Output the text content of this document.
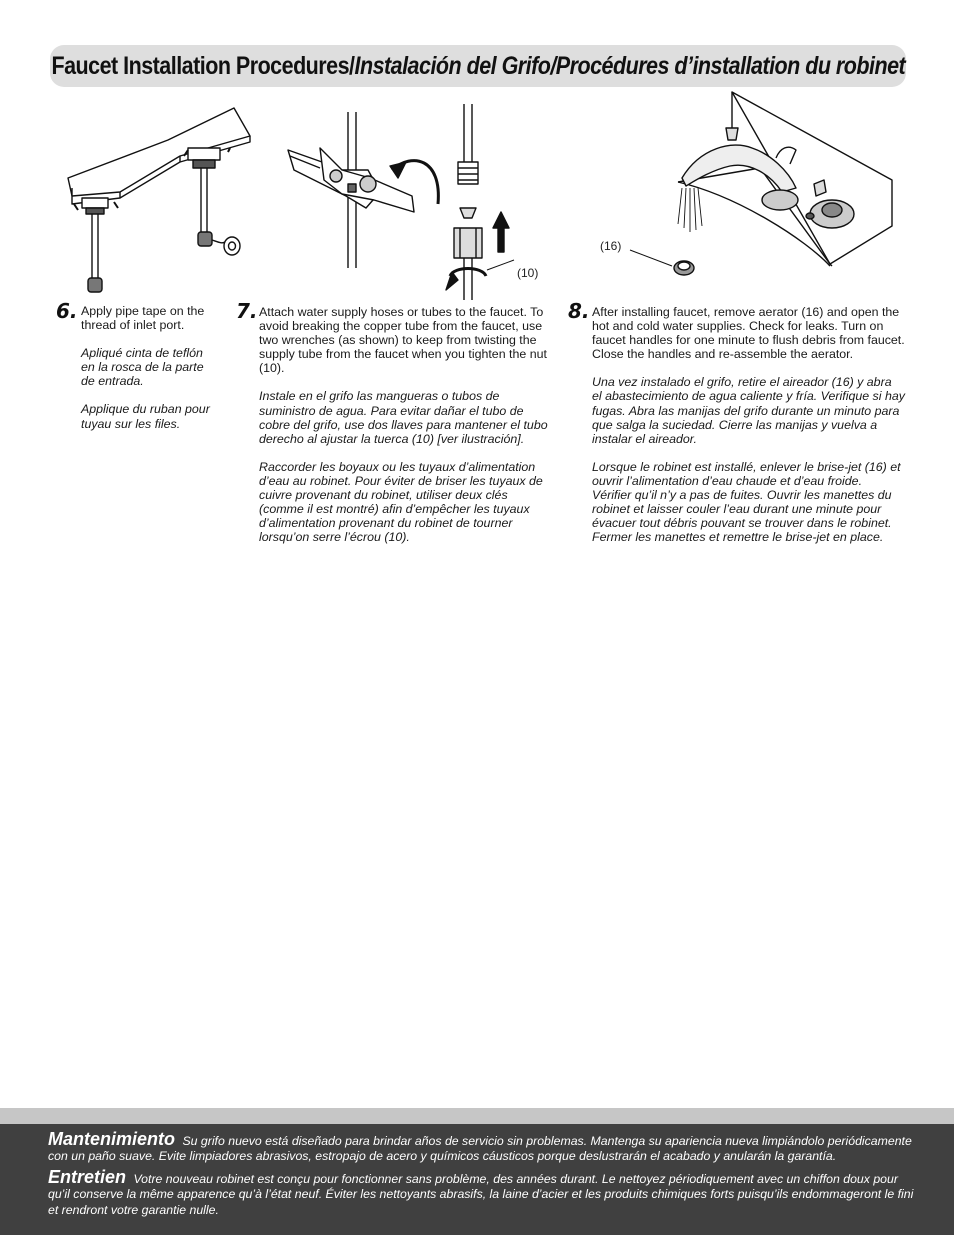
Faucet Installation Procedures/Instalación del Grifo/Procédures d’installation du robinet
(10)
(16)
6. Apply pipe tape on the
thread of inlet port.

Apliqué cinta de teflón
en la rosca de la parte
de entrada.

Applique du ruban pour
tuyau sur les files.

7. Attach water supply hoses or tubes to the faucet. To
avoid breaking the copper tube from the faucet, use
two wrenches (as shown) to keep from twisting the
supply tube from the faucet when you tighten the nut
(10).

Instale en el grifo las mangueras o tubos de
suministro de agua. Para evitar dañar el tubo de
cobre del grifo, use dos llaves para mantener el tubo
derecho al ajustar la tuerca (10) [ver ilustración].

Raccorder les boyaux ou les tuyaux d’alimentation
d’eau au robinet. Pour éviter de briser les tuyaux de
cuivre provenant du robinet, utiliser deux clés
(comme il est montré) afin d’empêcher les tuyaux
d’alimentation provenant du robinet de tourner
lorsqu’on serre l’écrou (10).

8. After installing faucet, remove aerator (16) and open the
hot and cold water supplies. Check for leaks. Turn on
faucet handles for one minute to flush debris from faucet.
Close the handles and re-assemble the aerator.

Una vez instalado el grifo, retire el aireador (16) y abra
el abastecimiento de agua caliente y fría. Verifique si hay
fugas. Abra las manijas del grifo durante un minuto para
que salga la suciedad. Cierre las manijas y vuelva a
instalar el aireador.

Lorsque le robinet est installé, enlever le brise-jet (16) et
ouvrir l’alimentation d’eau chaude et d’eau froide.
Vérifier qu’il n’y a pas de fuites. Ouvrir les manettes du
robinet et laisser couler l’eau durant une minute pour
évacuer tout débris pouvant se trouver dans le robinet.
Fermer les manettes et remettre le brise-jet en place.

Mantenimiento Su grifo nuevo está diseñado para brindar años de servicio sin problemas. Mantenga su apariencia nueva limpiándolo periódicamente con un paño suave. Evite limpiadores abrasivos, estropajo de acero y químicos cáusticos porque deslustrarán el acabado y anularán la garantía.
Entretien Votre nouveau robinet est conçu pour fonctionner sans problème, des années durant. Le nettoyez périodiquement avec un chiffon doux pour qu’il conserve la même apparence qu’à l’état neuf. Éviter les nettoyants abrasifs, la laine d’acier et les produits chimiques forts puisqu’ils endommageront le fini et rendront votre garantie nulle.
